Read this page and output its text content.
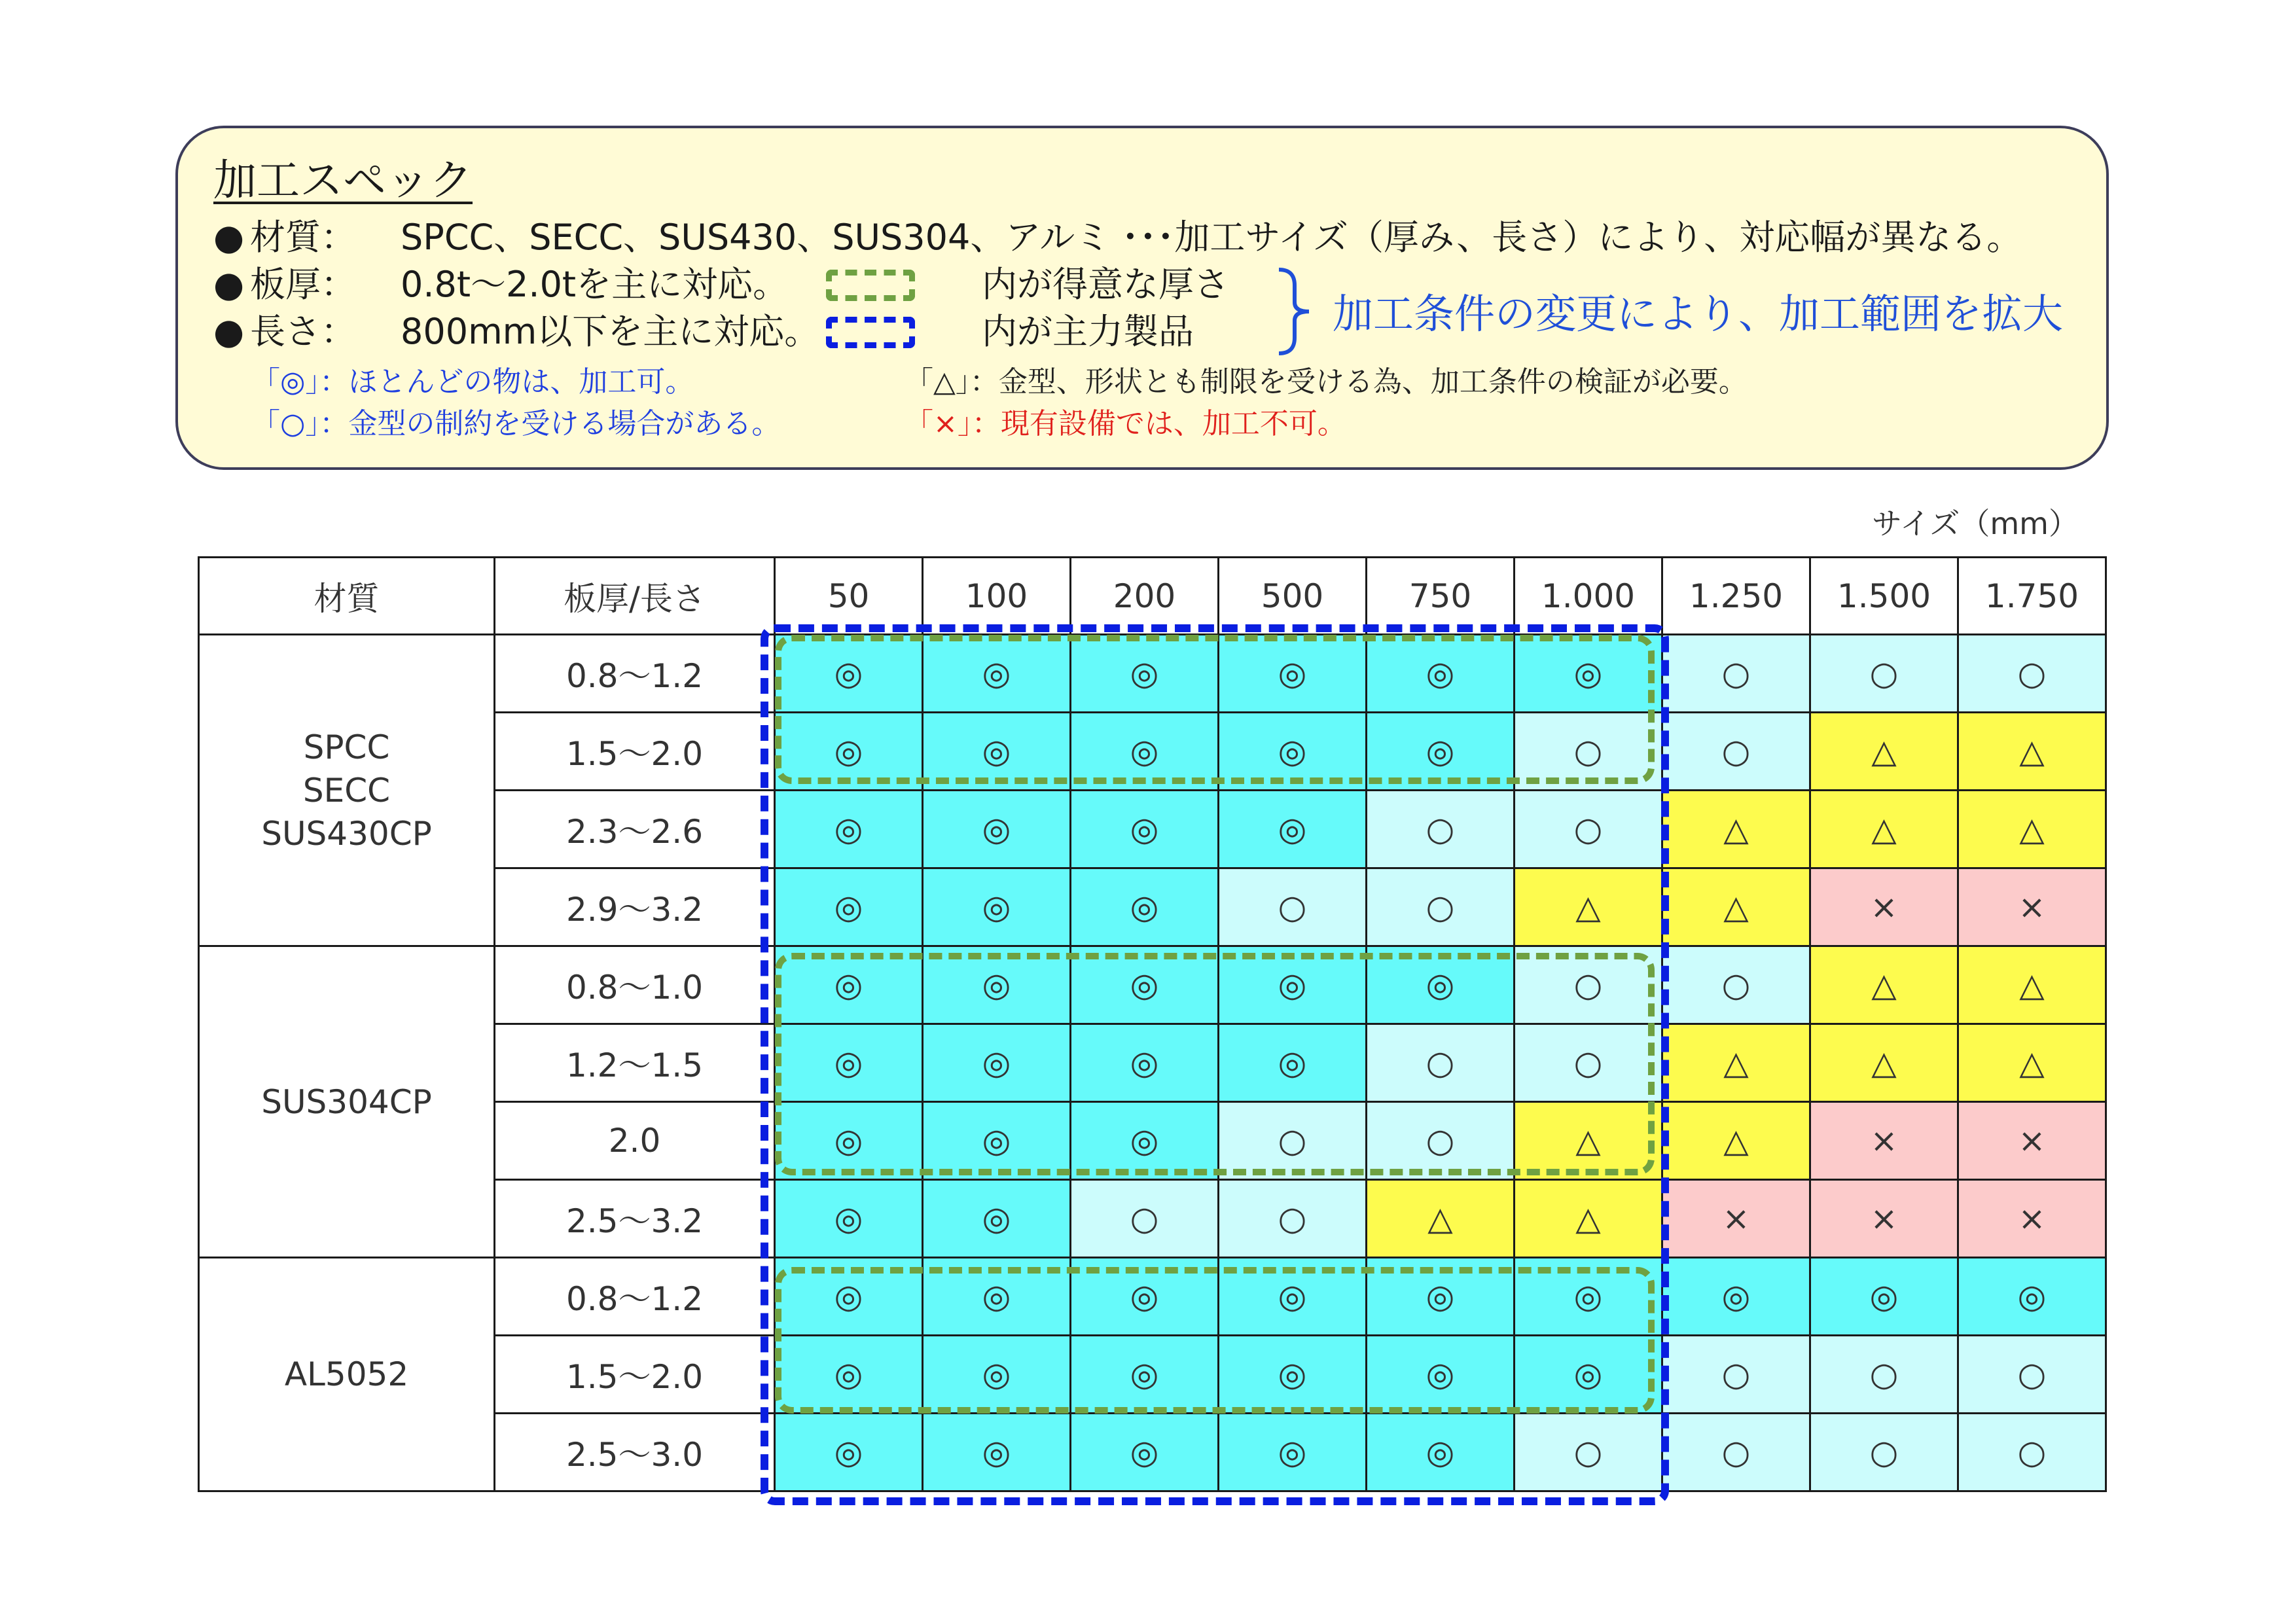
加工スペック
● 材質： SPCC、SECC、SUS430、SUS304、アルミ ･･･加工サイズ（厚み、長さ）により、対応幅が異なる。
● 板厚： 0.8t～2.0tを主に対応。
● 長さ： 800mm以下を主に対応。
内が得意な厚さ
内が主力製品	加工条件の変更により、加工範囲を拡大
「◎」：ほとんどの物は、加工可。
「○」：金型の制約を受ける場合がある。
「△」：金型、形状とも制限を受ける為、加工条件の検証が必要。
「×」：現有設備では、加工不可。
サイズ（mm）
材質	板厚/長さ	50	100	200	500	750	1.000	1.250	1.500	1.750
SPCC
SECC
SUS430CP	0.8～1.2	◎	◎	◎	◎	◎	◎	○	○	○
	1.5～2.0	◎	◎	◎	◎	◎	○	○	△	△
	2.3～2.6	◎	◎	◎	◎	○	○	△	△	△
	2.9～3.2	◎	◎	◎	○	○	△	△	×	×
SUS304CP	0.8～1.0	◎	◎	◎	◎	◎	○	○	△	△
	1.2～1.5	◎	◎	◎	◎	○	○	△	△	△
	2.0	◎	◎	◎	○	○	△	△	×	×
	2.5～3.2	◎	◎	○	○	△	△	×	×	×
AL5052	0.8～1.2	◎	◎	◎	◎	◎	◎	◎	◎	◎
	1.5～2.0	◎	◎	◎	◎	◎	◎	○	○	○
	2.5～3.0	◎	◎	◎	◎	◎	○	○	○	○
